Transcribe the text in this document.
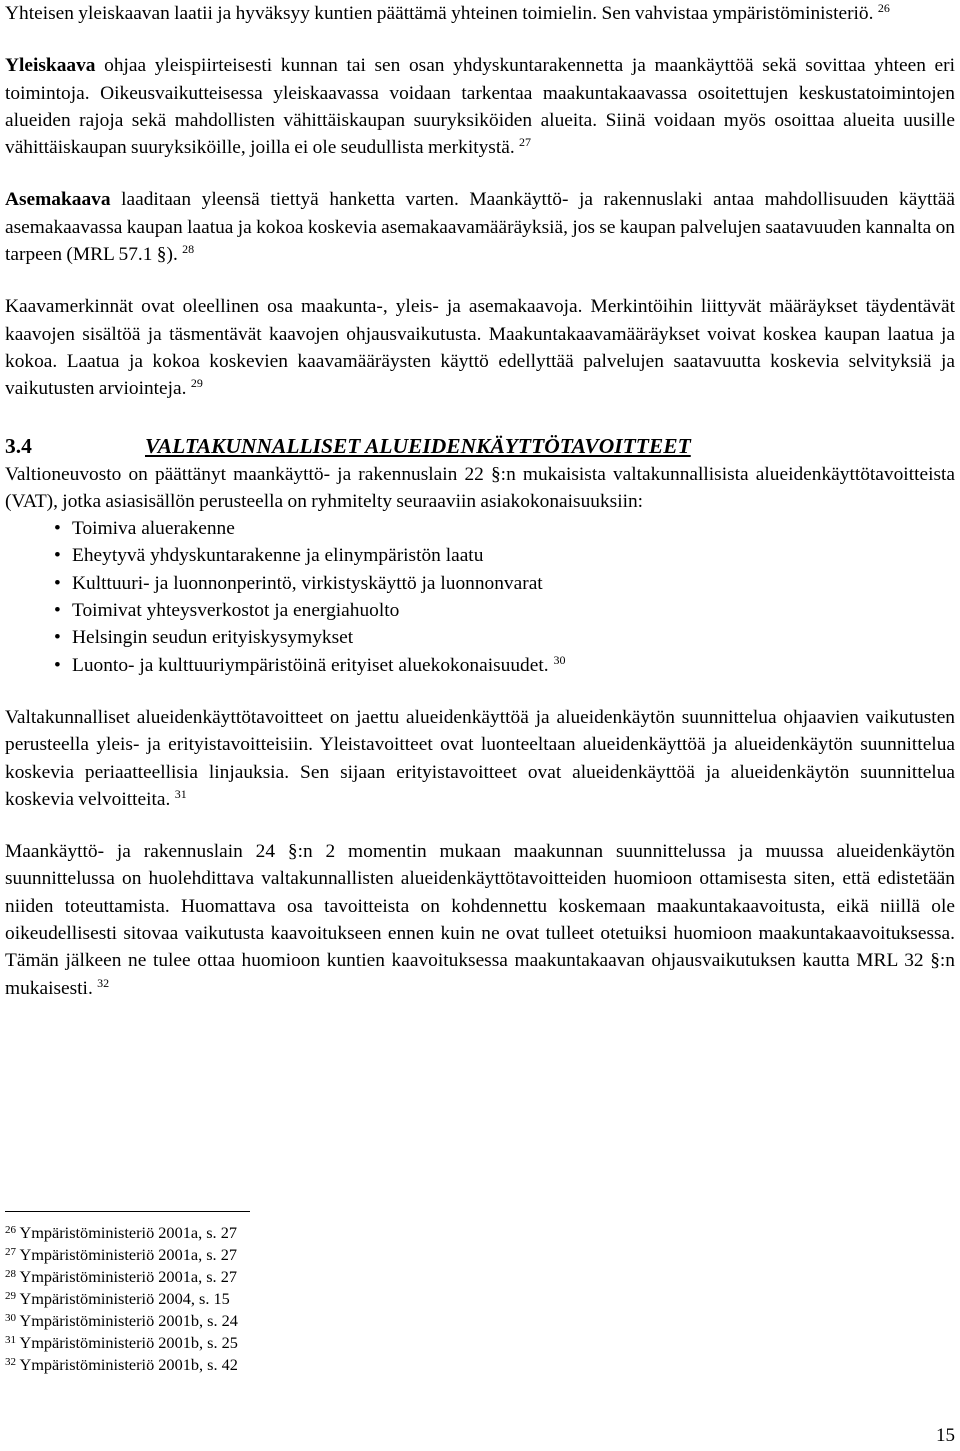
Yhteisen yleiskaavan laatii ja hyväksyy kuntien päättämä yhteinen toimielin. Sen vahvistaa ympäristöministeriö. $^{26}$

Yleiskaava ohjaa yleispiirteisesti kunnan tai sen osan yhdyskuntarakennetta ja maankäyttöä sekä sovittaa yhteen eri toimintoja. Oikeusvaikutteisessa yleiskaavassa voidaan tarkentaa maakuntakaavassa osoitettujen keskustatoimintojen alueiden rajoja sekä mahdollisten vähittäiskaupan suuryksiköiden alueita. Siinä voidaan myös osoittaa alueita uusille vähittäiskaupan suuryksiköille, joilla ei ole seudullista merkitystä. $^{27}$

Asemakaava laaditaan yleensä tiettyä hanketta varten. Maankäyttö- ja rakennuslaki antaa mahdollisuuden käyttää asemakaavassa kaupan laatua ja kokoa koskevia asemakaavamääräyksiä, jos se kaupan palvelujen saatavuuden kannalta on tarpeen (MRL 57.1 §). $^{28}$

Kaavamerkinnät ovat oleellinen osa maakunta-, yleis- ja asemakaavoja. Merkintöihin liittyvät määräykset täydentävät kaavojen sisältöä ja täsmentävät kaavojen ohjausvaikutusta. Maakuntakaavamääräykset voivat koskea kaupan laatua ja kokoa. Laatua ja kokoa koskevien kaavamääräysten käyttö edellyttää palvelujen saatavuutta koskevia selvityksiä ja vaikutusten arviointeja. $^{29}$

3.4	VALTAKUNNALLISET ALUEIDENKÄYTTÖTAVOITTEET

Valtioneuvosto on päättänyt maankäyttö- ja rakennuslain 22 §:n mukaisista valtakunnallisista alueidenkäyttötavoitteista (VAT), jotka asiasisällön perusteella on ryhmitelty seuraaviin asiakokonaisuuksiin:

• Toimiva aluerakenne
• Eheytyvä yhdyskuntarakenne ja elinympäristön laatu
• Kulttuuri- ja luonnonperintö, virkistyskäyttö ja luonnonvarat
• Toimivat yhteysverkostot ja energiahuolto
• Helsingin seudun erityiskysymykset
• Luonto- ja kulttuuriympäristöinä erityiset aluekokonaisuudet. $^{30}$

Valtakunnalliset alueidenkäyttötavoitteet on jaettu alueidenkäyttöä ja alueidenkäytön suunnittelua ohjaavien vaikutusten perusteella yleis- ja erityistavoitteisiin. Yleistavoitteet ovat luonteeltaan alueidenkäyttöä ja alueidenkäytön suunnittelua koskevia periaatteellisia linjauksia. Sen sijaan erityistavoitteet ovat alueidenkäyttöä ja alueidenkäytön suunnittelua koskevia velvoitteita. $^{31}$

Maankäyttö- ja rakennuslain 24 §:n 2 momentin mukaan maakunnan suunnittelussa ja muussa alueidenkäytön suunnittelussa on huolehdittava valtakunnallisten alueidenkäyttötavoitteiden huomioon ottamisesta siten, että edistetään niiden toteuttamista. Huomattava osa tavoitteista on kohdennettu koskemaan maakuntakaavoitusta, eikä niillä ole oikeudellisesti sitovaa vaikutusta kaavoitukseen ennen kuin ne ovat tulleet otetuiksi huomioon maakuntakaavoituksessa. Tämän jälkeen ne tulee ottaa huomioon kuntien kaavoituksessa maakuntakaavan ohjausvaikutuksen kautta MRL 32 §:n mukaisesti. $^{32}$

$^{26}$ Ympäristöministeriö 2001a, s. 27
$^{27}$ Ympäristöministeriö 2001a, s. 27
$^{28}$ Ympäristöministeriö 2001a, s. 27
$^{29}$ Ympäristöministeriö 2004, s. 15
$^{30}$ Ympäristöministeriö 2001b, s. 24
$^{31}$ Ympäristöministeriö 2001b, s. 25
$^{32}$ Ympäristöministeriö 2001b, s. 42
15
